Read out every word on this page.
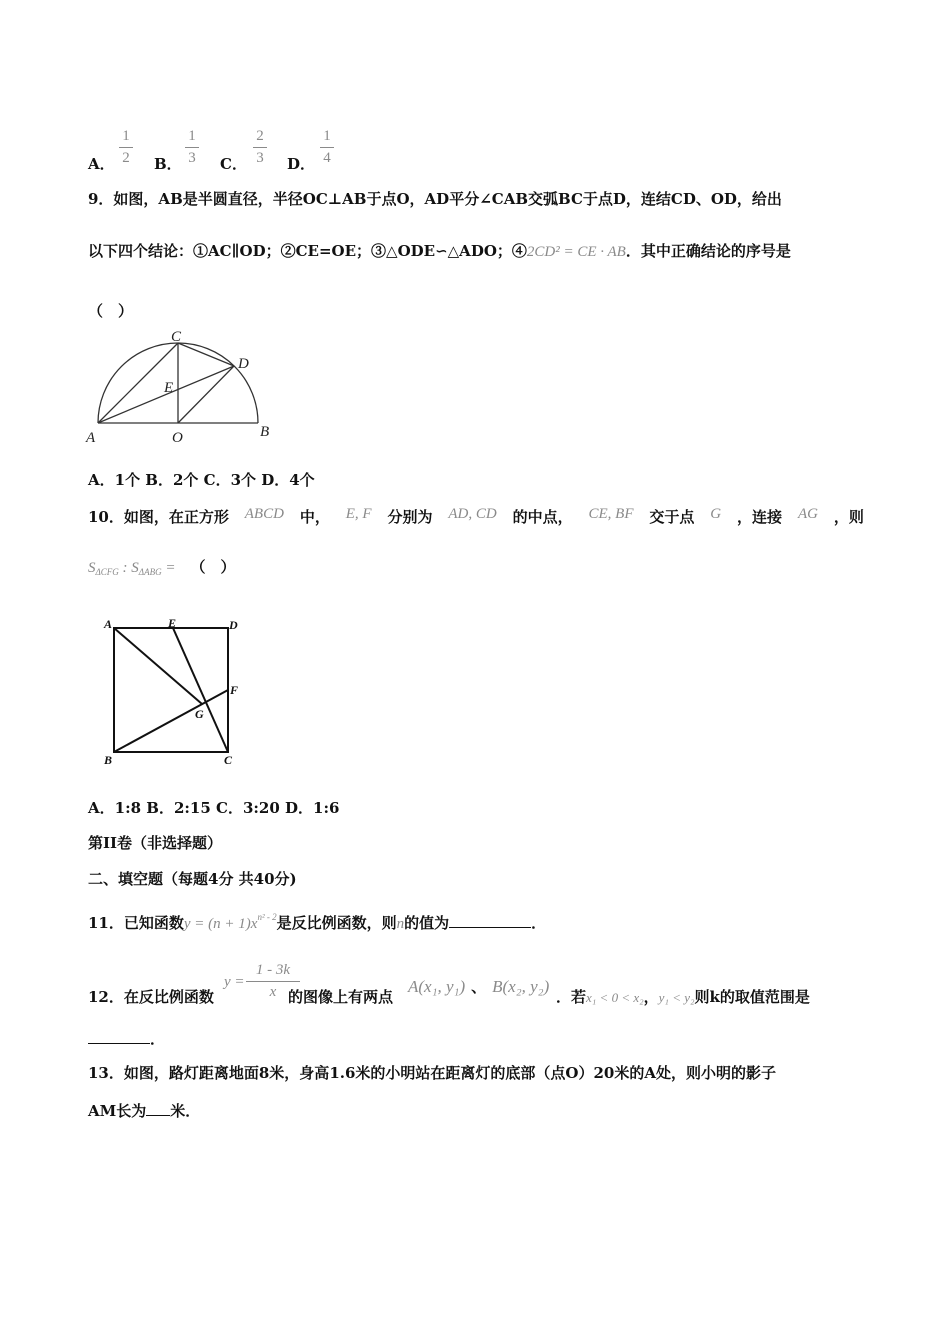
A．
1
2 B．
1
3 C．
2
3 D．
1
4
9．如图，AB是半圆直径，半径OC⊥AB于点O，AD平分∠CAB交弧BC于点D，连结CD、OD，给出
以下四个结论：①AC∥OD；②CE=OE；③△ODE∽△ADO；④2CD² = CE · AB．其中正确结论的序号是
（　）
A	B
C
D
E
O
A．1个 B．2个 C．3个 D．4个
10．如图，在正方形 ABCD 中， E, F 分别为 AD, CD 的中点， CE, BF 交于点 G ，连接 AG ，则
$S_{\Delta CFG}$ : $S_{\Delta ABG}$ = （　）
A	E	D
F
G
B	C
A．1:8 B．2:15 C．3:20 D．1:6
第II卷（非选择题）
二、填空题（每题4分 共40分)
11．已知函数$y = (n + 1)x^{n^2 - 2}$是反比例函数，则n的值为	．
12．在反比例函数
y =
1 - 3k
x 的图像上有两点
A(x₁, y₁) 、 B(x₂, y₂)
．若x₁ < 0 < x₂，y₁ < y₂则k的取值范围是
．
13．如图，路灯距离地面8米，身高1.6米的小明站在距离灯的底部（点O）20米的A处，则小明的影子
AM长为 米．
